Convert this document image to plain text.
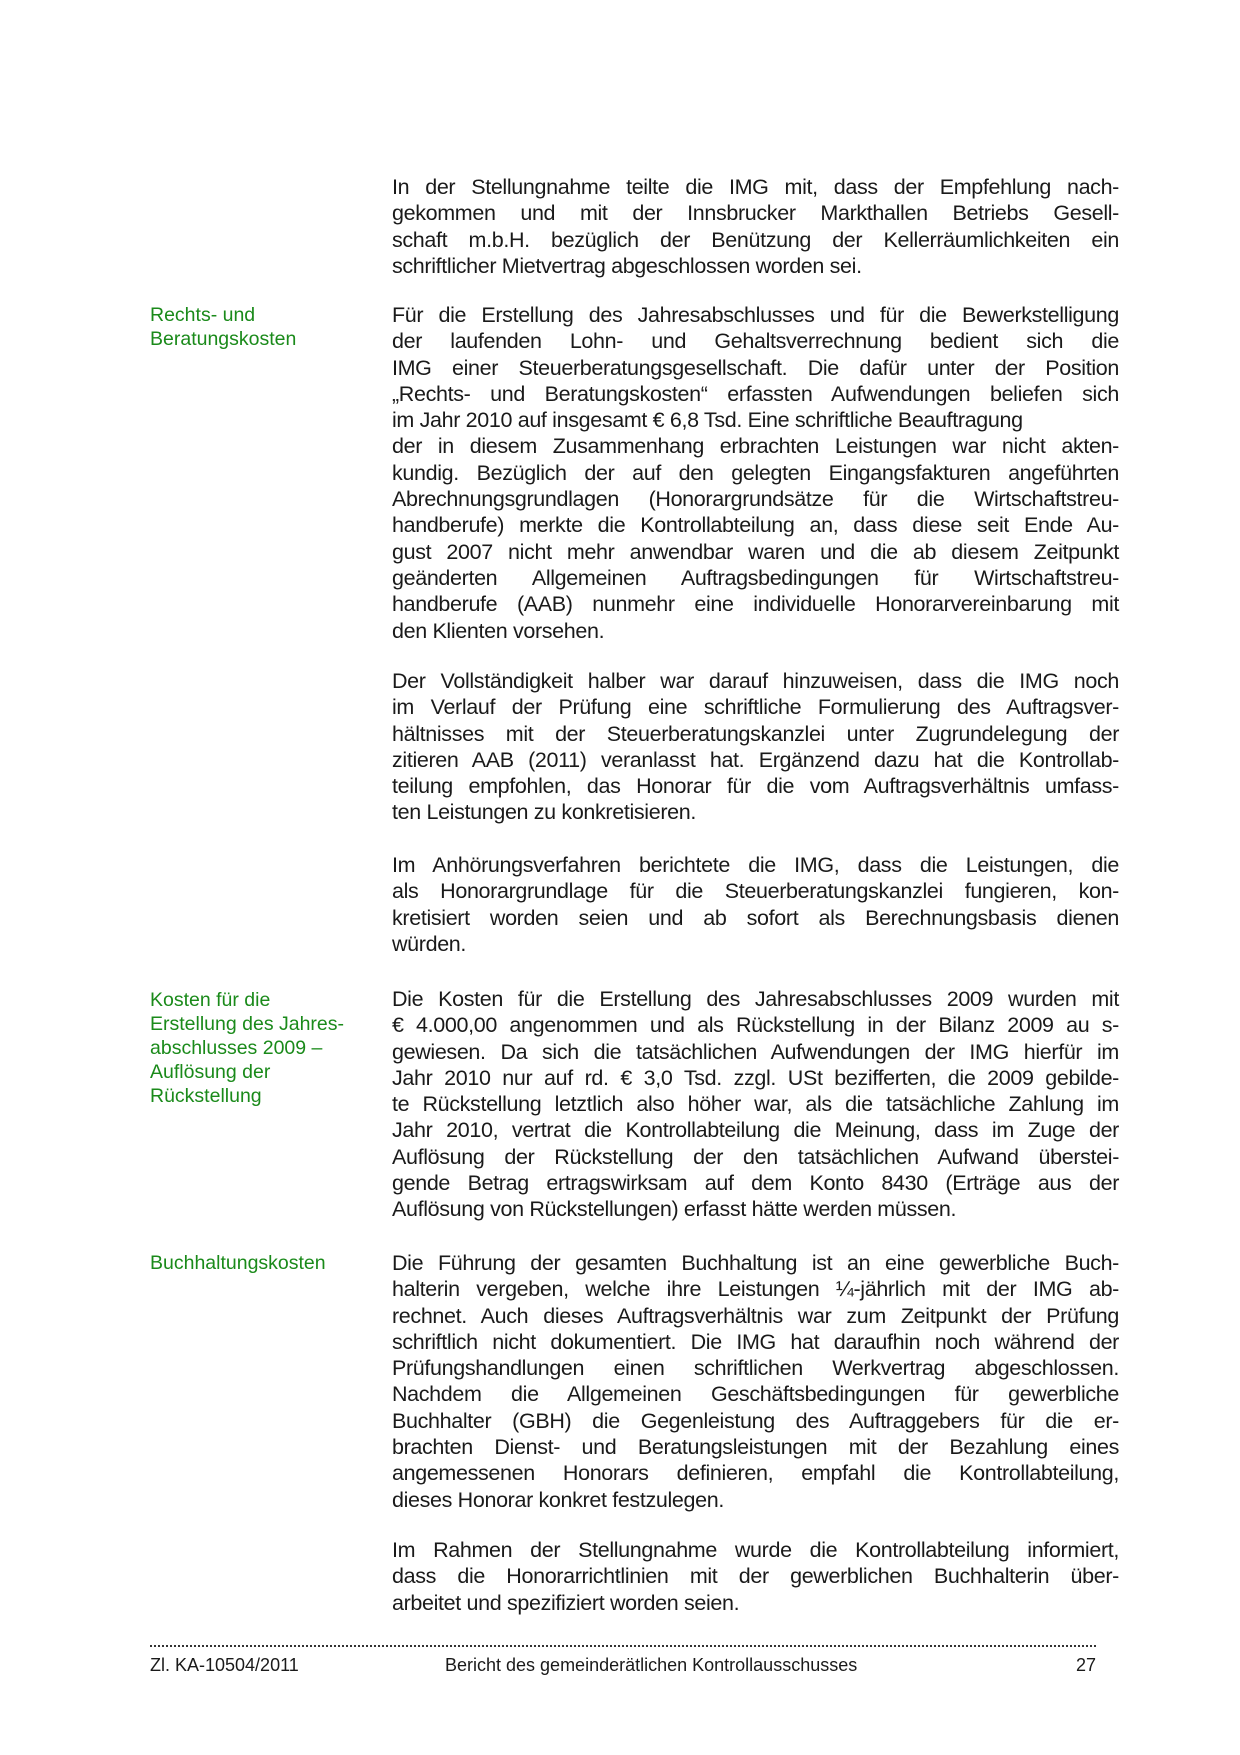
In der Stellungnahme teilte die IMG mit, dass der Empfehlung nach-
gekommen und mit der Innsbrucker Markthallen Betriebs Gesell-
schaft m.b.H. bezüglich der Benützung der Kellerräumlichkeiten ein
schriftlicher Mietvertrag abgeschlossen worden sei.
Rechts- und
Beratungskosten
Für die Erstellung des Jahresabschlusses und für die Bewerkstelligung
der laufenden Lohn- und Gehaltsverrechnung bedient sich die
IMG einer Steuerberatungsgesellschaft. Die dafür unter der Position
„Rechts- und Beratungskosten“ erfassten Aufwendungen beliefen sich
im Jahr 2010 auf insgesamt € 6,8 Tsd. Eine schriftliche Beauftragung
der in diesem Zusammenhang erbrachten Leistungen war nicht akten-
kundig. Bezüglich der auf den gelegten Eingangsfakturen angeführten
Abrechnungsgrundlagen (Honorargrundsätze für die Wirtschaftstreu-
handberufe) merkte die Kontrollabteilung an, dass diese seit Ende Au-
gust 2007 nicht mehr anwendbar waren und die ab diesem Zeitpunkt
geänderten Allgemeinen Auftragsbedingungen für Wirtschaftstreu-
handberufe (AAB) nunmehr eine individuelle Honorarvereinbarung mit
den Klienten vorsehen.
Der Vollständigkeit halber war darauf hinzuweisen, dass die IMG noch
im Verlauf der Prüfung eine schriftliche Formulierung des Auftragsver-
hältnisses mit der Steuerberatungskanzlei unter Zugrundelegung der
zitieren AAB (2011) veranlasst hat. Ergänzend dazu hat die Kontrollab-
teilung empfohlen, das Honorar für die vom Auftragsverhältnis umfass-
ten Leistungen zu konkretisieren.
Im Anhörungsverfahren berichtete die IMG, dass die Leistungen, die
als Honorargrundlage für die Steuerberatungskanzlei fungieren, kon-
kretisiert worden seien und ab sofort als Berechnungsbasis dienen
würden.
Kosten für die
Erstellung des Jahres-
abschlusses 2009 –
Auflösung der
Rückstellung
Die Kosten für die Erstellung des Jahresabschlusses 2009 wurden mit
€ 4.000,00 angenommen und als Rückstellung in der Bilanz 2009 au s-
gewiesen. Da sich die tatsächlichen Aufwendungen der IMG hierfür im
Jahr 2010 nur auf rd. € 3,0 Tsd. zzgl. USt bezifferten, die 2009 gebilde-
te Rückstellung letztlich also höher war, als die tatsächliche Zahlung im
Jahr 2010, vertrat die Kontrollabteilung die Meinung, dass im Zuge der
Auflösung der Rückstellung der den tatsächlichen Aufwand überstei-
gende Betrag ertragswirksam auf dem Konto 8430 (Erträge aus der
Auflösung von Rückstellungen) erfasst hätte werden müssen.
Buchhaltungskosten	Die Führung der gesamten Buchhaltung ist an eine gewerbliche Buch-
halterin vergeben, welche ihre Leistungen ¼-jährlich mit der IMG ab-
rechnet. Auch dieses Auftragsverhältnis war zum Zeitpunkt der Prüfung
schriftlich nicht dokumentiert. Die IMG hat daraufhin noch während der
Prüfungshandlungen einen schriftlichen Werkvertrag abgeschlossen.
Nachdem die Allgemeinen Geschäftsbedingungen für gewerbliche
Buchhalter (GBH) die Gegenleistung des Auftraggebers für die er-
brachten Dienst- und Beratungsleistungen mit der Bezahlung eines
angemessenen Honorars definieren, empfahl die Kontrollabteilung,
dieses Honorar konkret festzulegen.
Im Rahmen der Stellungnahme wurde die Kontrollabteilung informiert,
dass die Honorarrichtlinien mit der gewerblichen Buchhalterin über-
arbeitet und spezifiziert worden seien.
Zl. KA-10504/2011	Bericht des gemeinderätlichen Kontrollausschusses	27
